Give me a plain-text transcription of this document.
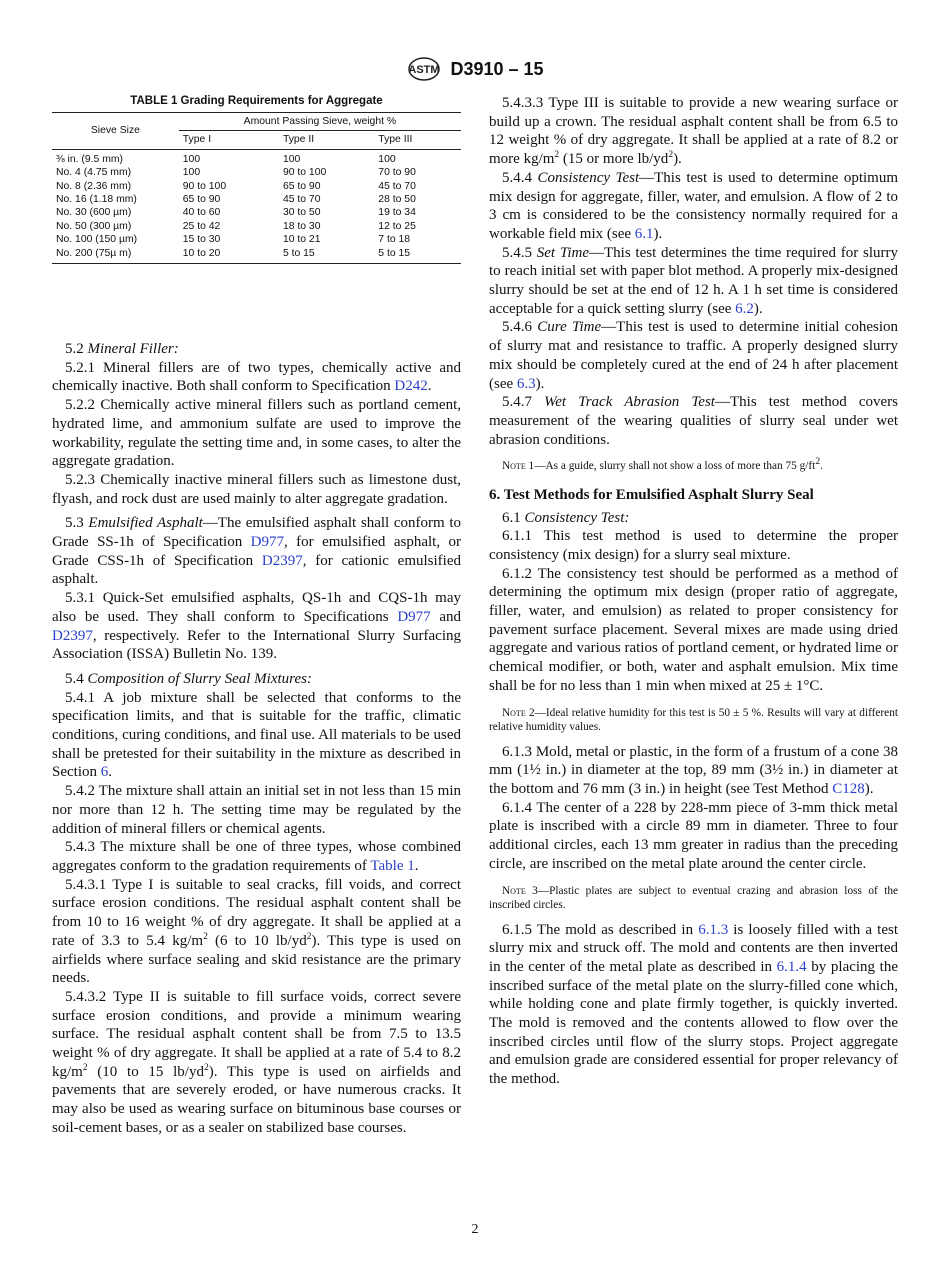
ASTM D3910 – 15
TABLE 1 Grading Requirements for Aggregate
Sieve Size	Amount Passing Sieve, weight %		
	Type I	Type II	Type III
⅜ in. (9.5 mm)	100	100	100
No. 4 (4.75 mm)	100	90 to 100	70 to 90
No. 8 (2.36 mm)	90 to 100	65 to 90	45 to 70
No. 16 (1.18 mm)	65 to 90	45 to 70	28 to 50
No. 30 (600 µm)	40 to 60	30 to 50	19 to 34
No. 50 (300 µm)	25 to 42	18 to 30	12 to 25
No. 100 (150 µm)	15 to 30	10 to 21	7 to 18
No. 200 (75µ m)	10 to 20	5 to 15	5 to 15
5.2 Mineral Filler:
5.2.1 Mineral fillers are of two types, chemically active and chemically inactive. Both shall conform to Specification D242.
5.2.2 Chemically active mineral fillers such as portland cement, hydrated lime, and ammonium sulfate are used to improve the workability, regulate the setting time and, in some cases, to alter the aggregate gradation.
5.2.3 Chemically inactive mineral fillers such as limestone dust, flyash, and rock dust are used mainly to alter aggregate gradation.
5.3 Emulsified Asphalt—The emulsified asphalt shall conform to Grade SS-1h of Specification D977, for emulsified asphalt, or Grade CSS-1h of Specification D2397, for cationic emulsified asphalt.
5.3.1 Quick-Set emulsified asphalts, QS-1h and CQS-1h may also be used. They shall conform to Specifications D977 and D2397, respectively. Refer to the International Slurry Surfacing Association (ISSA) Bulletin No. 139.
5.4 Composition of Slurry Seal Mixtures:
5.4.1 A job mixture shall be selected that conforms to the specification limits, and that is suitable for the traffic, climatic conditions, curing conditions, and final use. All materials to be used shall be pretested for their suitability in the mixture as described in Section 6.
5.4.2 The mixture shall attain an initial set in not less than 15 min nor more than 12 h. The setting time may be regulated by the addition of mineral fillers or chemical agents.
5.4.3 The mixture shall be one of three types, whose combined aggregates conform to the gradation requirements of Table 1.
5.4.3.1 Type I is suitable to seal cracks, fill voids, and correct surface erosion conditions. The residual asphalt content shall be from 10 to 16 weight % of dry aggregate. It shall be applied at a rate of 3.3 to 5.4 $kg/m^2$ (6 to 10 $lb/yd^2$). This type is used on airfields where surface sealing and skid resistance are the primary needs.
5.4.3.2 Type II is suitable to fill surface voids, correct severe surface erosion conditions, and provide a minimum wearing surface. The residual asphalt content shall be from 7.5 to 13.5 weight % of dry aggregate. It shall be applied at a rate of 5.4 to 8.2 $kg/m^2$ (10 to 15 $lb/yd^2$). This type is used on airfields and pavements that are severely eroded, or have numerous cracks. It may also be used as wearing surface on bituminous base courses or soil-cement bases, or as a sealer on stabilized base courses.
5.4.3.3 Type III is suitable to provide a new wearing surface or build up a crown. The residual asphalt content shall be from 6.5 to 12 weight % of dry aggregate. It shall be applied at a rate of 8.2 or more $kg/m^2$ (15 or more $lb/yd^2$).
5.4.4 Consistency Test—This test is used to determine optimum mix design for aggregate, filler, water, and emulsion. A flow of 2 to 3 cm is considered to be the consistency normally required for a workable field mix (see 6.1).
5.4.5 Set Time—This test determines the time required for slurry to reach initial set with paper blot method. A properly mix-designed slurry should be set at the end of 12 h. A 1 h set time is considered acceptable for a quick setting slurry (see 6.2).
5.4.6 Cure Time—This test is used to determine initial cohesion of slurry mat and resistance to traffic. A properly designed slurry mix should be completely cured at the end of 24 h after placement (see 6.3).
5.4.7 Wet Track Abrasion Test—This test method covers measurement of the wearing qualities of slurry seal under wet abrasion conditions.
Note 1—As a guide, slurry shall not show a loss of more than 75 $g/ft^2$.
6. Test Methods for Emulsified Asphalt Slurry Seal
6.1 Consistency Test:
6.1.1 This test method is used to determine the proper consistency (mix design) for a slurry seal mixture.
6.1.2 The consistency test should be performed as a method of determining the optimum mix design (proper ratio of aggregate, filler, water, and emulsion) as related to proper consistency for pavement surface placement. Several mixes are made using dried aggregate and various ratios of portland cement, or hydrated lime or chemical modifier, or both, water and asphalt emulsion. Mix time shall be for no less than 1 min when mixed at 25 ± 1°C.
Note 2—Ideal relative humidity for this test is 50 ± 5 %. Results will vary at different relative humidity values.
6.1.3 Mold, metal or plastic, in the form of a frustum of a cone 38 mm (1½ in.) in diameter at the top, 89 mm (3½ in.) in diameter at the bottom and 76 mm (3 in.) in height (see Test Method C128).
6.1.4 The center of a 228 by 228-mm piece of 3-mm thick metal plate is inscribed with a circle 89 mm in diameter. Three to four additional circles, each 13 mm greater in radius than the preceding circle, are inscribed on the metal plate around the center circle.
Note 3—Plastic plates are subject to eventual crazing and abrasion loss of the inscribed circles.
6.1.5 The mold as described in 6.1.3 is loosely filled with a test slurry mix and struck off. The mold and contents are then inverted in the center of the metal plate as described in 6.1.4 by placing the inscribed surface of the metal plate on the slurry-filled cone which, while holding cone and plate firmly together, is quickly inverted. The mold is removed and the contents allowed to flow over the inscribed circles until flow of the slurry stops. Project aggregate and emulsion grade are considered essential for proper relevancy of the method.
2
